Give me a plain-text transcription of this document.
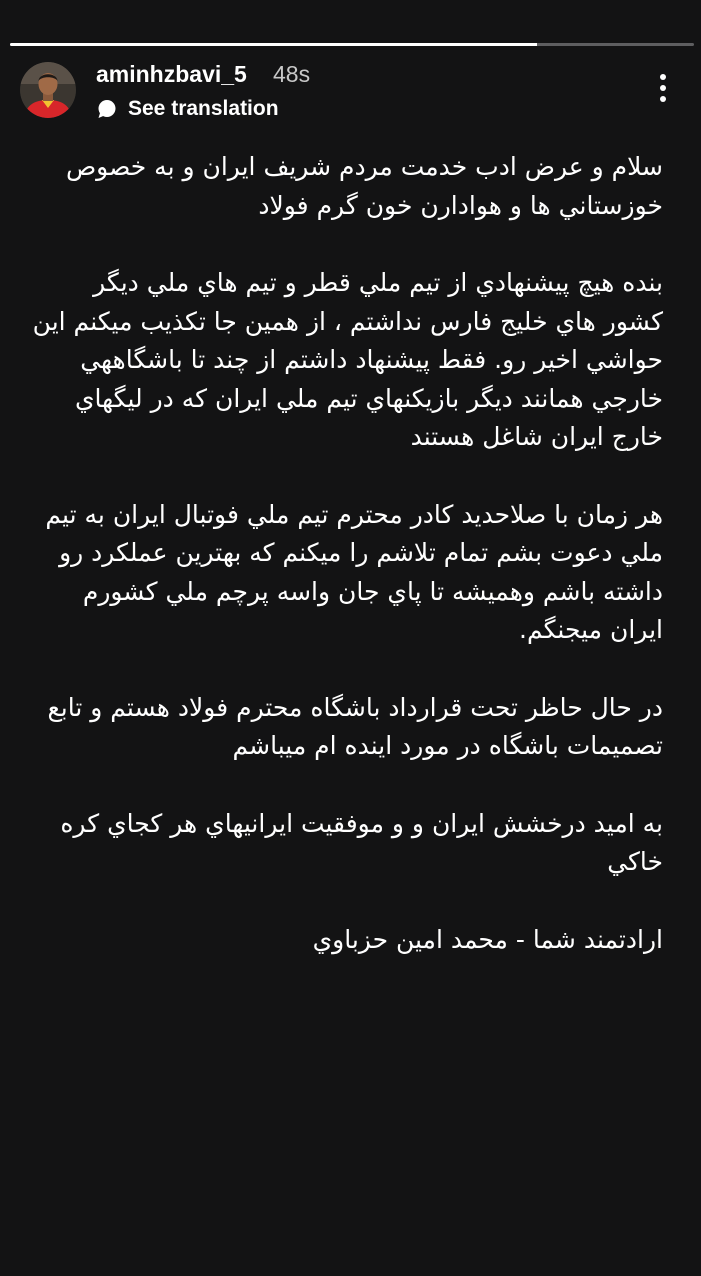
aminhzbavi_5 48s
See translation
سلام و عرض ادب خدمت مردم شريف ايران و به خصوص
خوزستاني ها و هوادارن خون گرم فولاد
بنده هيچ پيشنهادي از تيم ملي قطر و تيم هاي ملي ديگر
كشور هاي خليج فارس نداشتم ، از همين جا تكذيب ميكنم اين
حواشي اخير رو. فقط پيشنهاد داشتم از چند تا باشگاههي
خارجي همانند ديگر بازيكنهاي تيم ملي ايران كه در ليگهاي
خارج ايران شاغل هستند
هر زمان با صلاحديد كادر محترم تيم ملي فوتبال ايران به تيم
ملي دعوت بشم تمام تلاشم را ميكنم كه بهترين عملكرد رو
داشته باشم وهميشه تا پاي جان واسه پرچم ملي كشورم
ايران ميجنگم.
در حال حاظر تحت قرارداد باشگاه محترم فولاد هستم و تابع
تصميمات باشگاه در مورد اينده ام ميباشم
به اميد درخشش ايران و و موفقيت ايرانيهاي هر كجاي كره
خاكي
ارادتمند شما - محمد امين حزباوي
